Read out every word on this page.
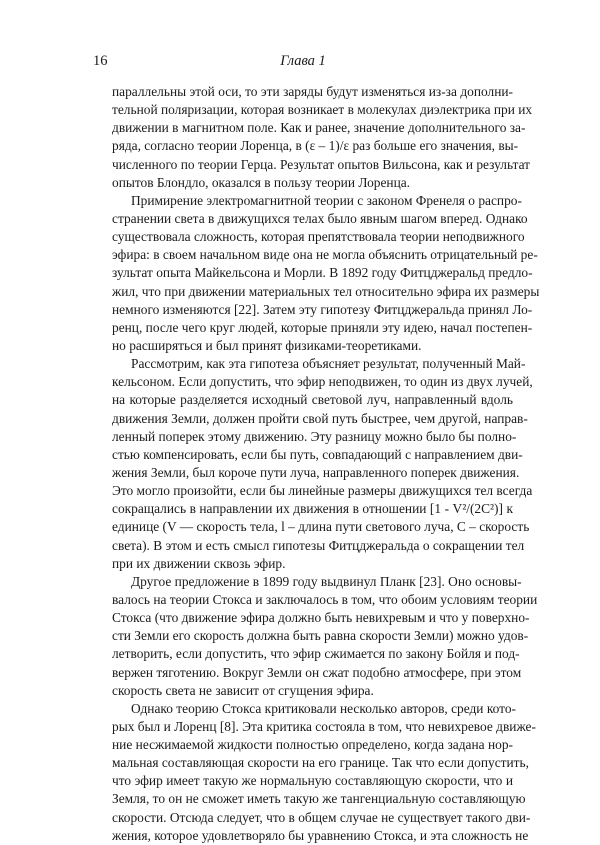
16	Глава 1
параллельны этой оси, то эти заряды будут изменяться из-за дополни-
тельной поляризации, которая возникает в молекулах диэлектрика при их
движении в магнитном поле. Как и ранее, значение дополнительного за-
ряда, согласно теории Лоренца, в (ε – 1)/ε раз больше его значения, вы-
численного по теории Герца. Результат опытов Вильсона, как и результат
опытов Блондло, оказался в пользу теории Лоренца.
Примирение электромагнитной теории с законом Френеля о распро-
странении света в движущихся телах было явным шагом вперед. Однако
существовала сложность, которая препятствовала теории неподвижного
эфира: в своем начальном виде она не могла объяснить отрицательный ре-
зультат опыта Майкельсона и Морли. В 1892 году Фитцджеральд предло-
жил, что при движении материальных тел относительно эфира их размеры
немного изменяются [22]. Затем эту гипотезу Фитцджеральда принял Ло-
ренц, после чего круг людей, которые приняли эту идею, начал постепен-
но расширяться и был принят физиками-теоретиками.
Рассмотрим, как эта гипотеза объясняет результат, полученный Май-
кельсоном. Если допустить, что эфир неподвижен, то один из двух лучей,
на которые разделяется исходный световой луч, направленный вдоль
движения Земли, должен пройти свой путь быстрее, чем другой, направ-
ленный поперек этому движению. Эту разницу можно было бы полно-
стью компенсировать, если бы путь, совпадающий с направлением дви-
жения Земли, был короче пути луча, направленного поперек движения.
Это могло произойти, если бы линейные размеры движущихся тел всегда
сокращались в направлении их движения в отношении [1 - V²/(2C²)] к
единице (V — скорость тела, l – длина пути светового луча, C – скорость
света). В этом и есть смысл гипотезы Фитцджеральда о сокращении тел
при их движении сквозь эфир.
Другое предложение в 1899 году выдвинул Планк [23]. Оно основы-
валось на теории Стокса и заключалось в том, что обоим условиям теории
Стокса (что движение эфира должно быть невихревым и что у поверхно-
сти Земли его скорость должна быть равна скорости Земли) можно удов-
летворить, если допустить, что эфир сжимается по закону Бойля и под-
вержен тяготению. Вокруг Земли он сжат подобно атмосфере, при этом
скорость света не зависит от сгущения эфира.
Однако теорию Стокса критиковали несколько авторов, среди кото-
рых был и Лоренц [8]. Эта критика состояла в том, что невихревое движе-
ние несжимаемой жидкости полностью определено, когда задана нор-
мальная составляющая скорости на его границе. Так что если допустить,
что эфир имеет такую же нормальную составляющую скорости, что и
Земля, то он не сможет иметь такую же тангенциальную составляющую
скорости. Отсюда следует, что в общем случае не существует такого дви-
жения, которое удовлетворяло бы уравнению Стокса, и эта сложность не
